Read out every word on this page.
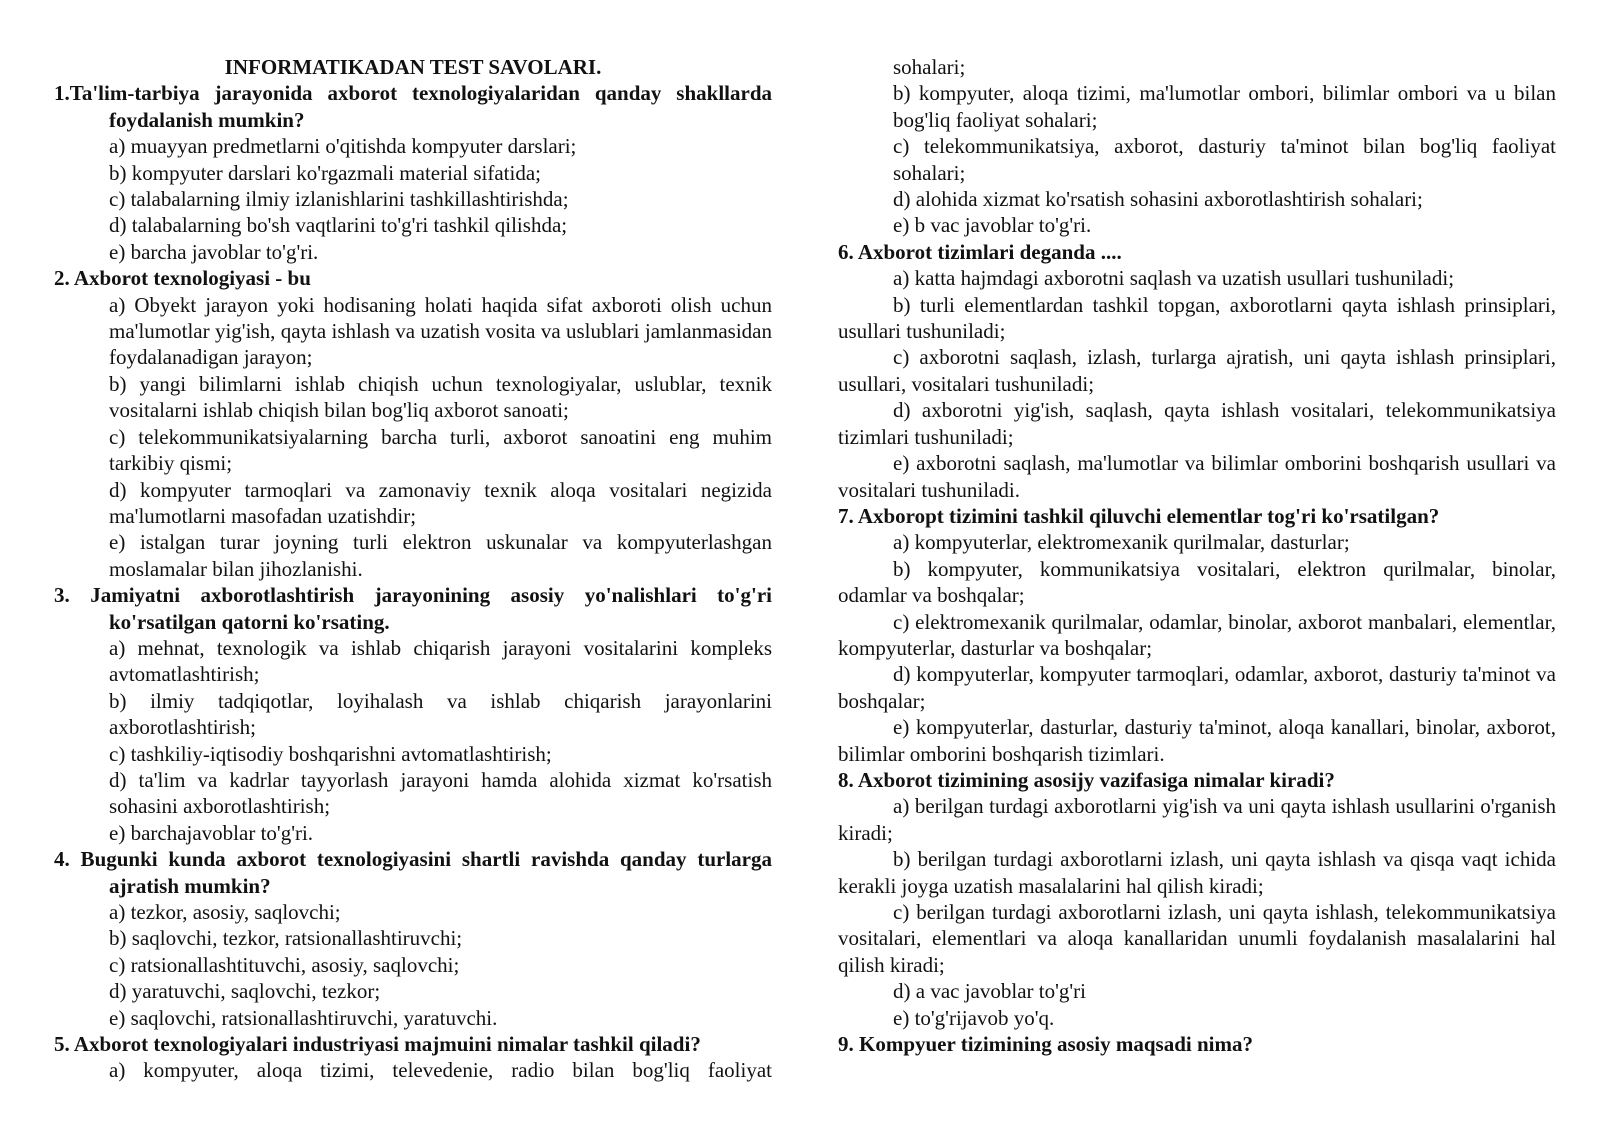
INFORMATIKADAN TEST SAVOLARI.
1.Ta'lim-tarbiya jarayonida axborot texnologiyalaridan qanday shakllarda foydalanish mumkin?
a) muayyan predmetlarni o'qitishda kompyuter darslari;
b) kompyuter darslari ko'rgazmali material sifatida;
c) talabalarning ilmiy izlanishlarini tashkillashtirishda;
d) talabalarning bo'sh vaqtlarini to'g'ri tashkil qilishda;
e) barcha javoblar to'g'ri.
2. Axborot texnologiyasi - bu
a) Obyekt jarayon yoki hodisaning holati haqida sifat axboroti olish uchun ma'lumotlar yig'ish, qayta ishlash va uzatish vosita va uslublari jamlanmasidan foydalanadigan jarayon;
b) yangi bilimlarni ishlab chiqish uchun texnologiyalar, uslublar, texnik vositalarni ishlab chiqish bilan bog'liq axborot sanoati;
c) telekommunikatsiyalarning barcha turli, axborot sanoatini eng muhim tarkibiy qismi;
d) kompyuter tarmoqlari va zamonaviy texnik aloqa vositalari negizida ma'lumotlarni masofadan uzatishdir;
e) istalgan turar joyning turli elektron uskunalar va kompyuterlashgan moslamalar bilan jihozlanishi.
3. Jamiyatni axborotlashtirish jarayonining asosiy yo'nalishlari to'g'ri ko'rsatilgan qatorni ko'rsating.
a) mehnat, texnologik va ishlab chiqarish jarayoni vositalarini kompleks avtomatlashtirish;
b) ilmiy tadqiqotlar, loyihalash va ishlab chiqarish jarayonlarini axborotlashtirish;
c) tashkiliy-iqtisodiy boshqarishni avtomatlashtirish;
d) ta'lim va kadrlar tayyorlash jarayoni hamda alohida xizmat ko'rsatish sohasini axborotlashtirish;
e) barchajavoblar to'g'ri.
4. Bugunki kunda axborot texnologiyasini shartli ravishda qanday turlarga ajratish mumkin?
a) tezkor, asosiy, saqlovchi;
b) saqlovchi, tezkor, ratsionallashtiruvchi;
c) ratsionallashtituvchi, asosiy, saqlovchi;
d) yaratuvchi, saqlovchi, tezkor;
e) saqlovchi, ratsionallashtiruvchi, yaratuvchi.
5. Axborot texnologiyalari industriyasi majmuini nimalar tashkil qiladi?
a) kompyuter, aloqa tizimi, televedenie, radio bilan bog'liq faoliyat
sohalari;
b) kompyuter, aloqa tizimi, ma'lumotlar ombori, bilimlar ombori va u bilan bog'liq faoliyat sohalari;
c) telekommunikatsiya, axborot, dasturiy ta'minot bilan bog'liq faoliyat sohalari;
d) alohida xizmat ko'rsatish sohasini axborotlashtirish sohalari;
e) b vac javoblar to'g'ri.
6. Axborot tizimlari deganda ....
a) katta hajmdagi axborotni saqlash va uzatish usullari tushuniladi;
b) turli elementlardan tashkil topgan, axborotlarni qayta ishlash prinsiplari, usullari tushuniladi;
c) axborotni saqlash, izlash, turlarga ajratish, uni qayta ishlash prinsiplari, usullari, vositalari tushuniladi;
d) axborotni yig'ish, saqlash, qayta ishlash vositalari, telekommunikatsiya tizimlari tushuniladi;
e) axborotni saqlash, ma'lumotlar va bilimlar omborini boshqarish usullari va vositalari tushuniladi.
7. Axboropt tizimini tashkil qiluvchi elementlar tog'ri ko'rsatilgan?
a) kompyuterlar, elektromexanik qurilmalar, dasturlar;
b) kompyuter, kommunikatsiya vositalari, elektron qurilmalar, binolar, odamlar va boshqalar;
c) elektromexanik qurilmalar, odamlar, binolar, axborot manbalari, elementlar, kompyuterlar, dasturlar va boshqalar;
d) kompyuterlar, kompyuter tarmoqlari, odamlar, axborot, dasturiy ta'minot va boshqalar;
e) kompyuterlar, dasturlar, dasturiy ta'minot, aloqa kanallari, binolar, axborot, bilimlar omborini boshqarish tizimlari.
8. Axborot tizimining asosijy vazifasiga nimalar kiradi?
a) berilgan turdagi axborotlarni yig'ish va uni qayta ishlash usullarini o'rganish kiradi;
b) berilgan turdagi axborotlarni izlash, uni qayta ishlash va qisqa vaqt ichida kerakli joyga uzatish masalalarini hal qilish kiradi;
c) berilgan turdagi axborotlarni izlash, uni qayta ishlash, telekommunikatsiya vositalari, elementlari va aloqa kanallaridan unumli foydalanish masalalarini hal qilish kiradi;
d) a vac javoblar to'g'ri
e) to'g'rijavob yo'q.
9. Kompyuer tizimining asosiy maqsadi nima?
